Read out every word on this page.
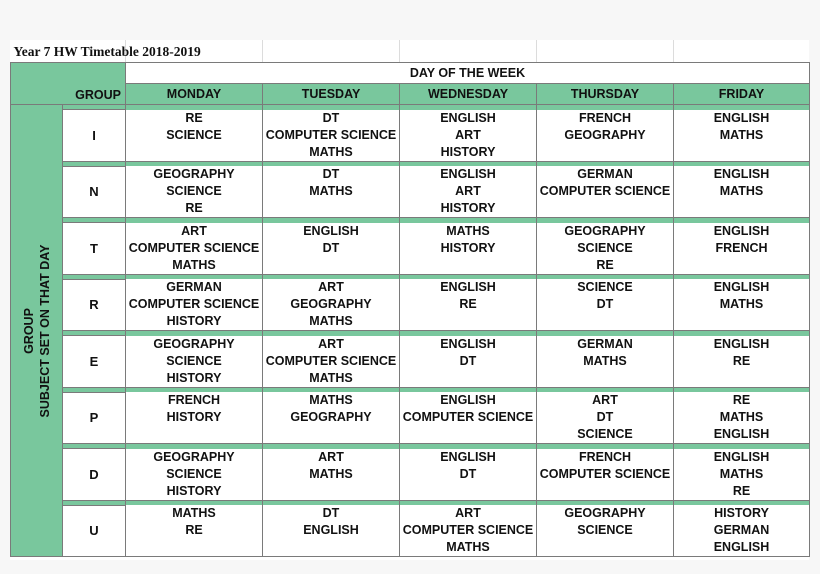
Year 7 HW Timetable 2018-2019						

GROUP		DAY OF THE WEEK				
		MONDAY	TUESDAY	WEDNESDAY	THURSDAY	FRIDAY

GROUP SUBJECT SET ON THAT DAY						

	I	RE	DT	ENGLISH	FRENCH	ENGLISH
		SCIENCE	COMPUTER SCIENCE	ART	GEOGRAPHY	MATHS
			MATHS	HISTORY		

	N	GEOGRAPHY	DT	ENGLISH	GERMAN	ENGLISH
		SCIENCE	MATHS	ART	COMPUTER SCIENCE	MATHS
		RE		HISTORY		

	T	ART	ENGLISH	MATHS	GEOGRAPHY	ENGLISH
		COMPUTER SCIENCE	DT	HISTORY	SCIENCE	FRENCH
		MATHS			RE	

	R	GERMAN	ART	ENGLISH	SCIENCE	ENGLISH
		COMPUTER SCIENCE	GEOGRAPHY	RE	DT	MATHS
		HISTORY	MATHS			

	E	GEOGRAPHY	ART	ENGLISH	GERMAN	ENGLISH
		SCIENCE	COMPUTER SCIENCE	DT	MATHS	RE
		HISTORY	MATHS			

	P	FRENCH	MATHS	ENGLISH	ART	RE
		HISTORY	GEOGRAPHY	COMPUTER SCIENCE	DT	MATHS
					SCIENCE	ENGLISH

	D	GEOGRAPHY	ART	ENGLISH	FRENCH	ENGLISH
		SCIENCE	MATHS	DT	COMPUTER SCIENCE	MATHS
		HISTORY				RE

	U	MATHS	DT	ART	GEOGRAPHY	HISTORY
		RE	ENGLISH	COMPUTER SCIENCE	SCIENCE	GERMAN
				MATHS		ENGLISH
